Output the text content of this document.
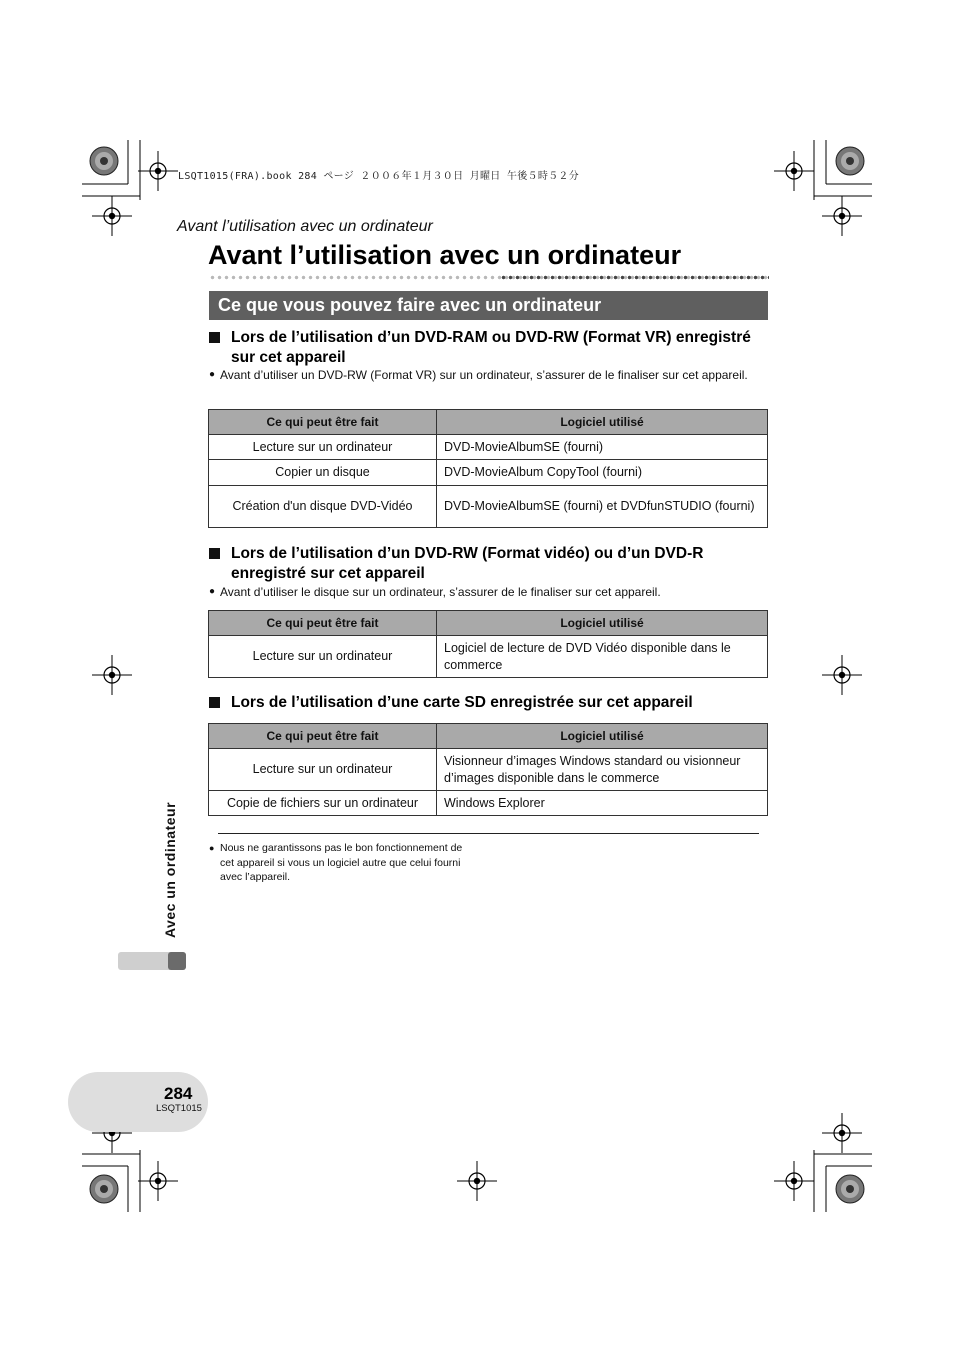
LSQT1015(FRA).book 284 ページ ２００６年１月３０日 月曜日 午後５時５２分
Avant l’utilisation avec un ordinateur
Avant l’utilisation avec un ordinateur
Ce que vous pouvez faire avec un ordinateur
Lors de l’utilisation d’un DVD-RAM ou DVD-RW (Format VR) enregistré sur cet appareil
● Avant d’utiliser un DVD-RW (Format VR) sur un ordinateur, s’assurer de le finaliser sur cet appareil.
Ce qui peut être fait	Logiciel utilisé
Lecture sur un ordinateur	DVD-MovieAlbumSE (fourni)
Copier un disque	DVD-MovieAlbum CopyTool (fourni)
Création d'un disque DVD-Vidéo	DVD-MovieAlbumSE (fourni) et DVDfunSTUDIO (fourni)
Lors de l’utilisation d’un DVD-RW (Format vidéo) ou d’un DVD-R enregistré sur cet appareil
● Avant d’utiliser le disque sur un ordinateur, s’assurer de le finaliser sur cet appareil.
Ce qui peut être fait	Logiciel utilisé
Lecture sur un ordinateur	Logiciel de lecture de DVD Vidéo disponible dans le commerce
Lors de l’utilisation d’une carte SD enregistrée sur cet appareil
Ce qui peut être fait	Logiciel utilisé
Lecture sur un ordinateur	Visionneur d’images Windows standard ou visionneur d’images disponible dans le commerce
Copie de fichiers sur un ordinateur	Windows Explorer
● Nous ne garantissons pas le bon fonctionnement de cet appareil si vous un logiciel autre que celui fourni avec l’appareil.
Avec un ordinateur
284
LSQT1015
